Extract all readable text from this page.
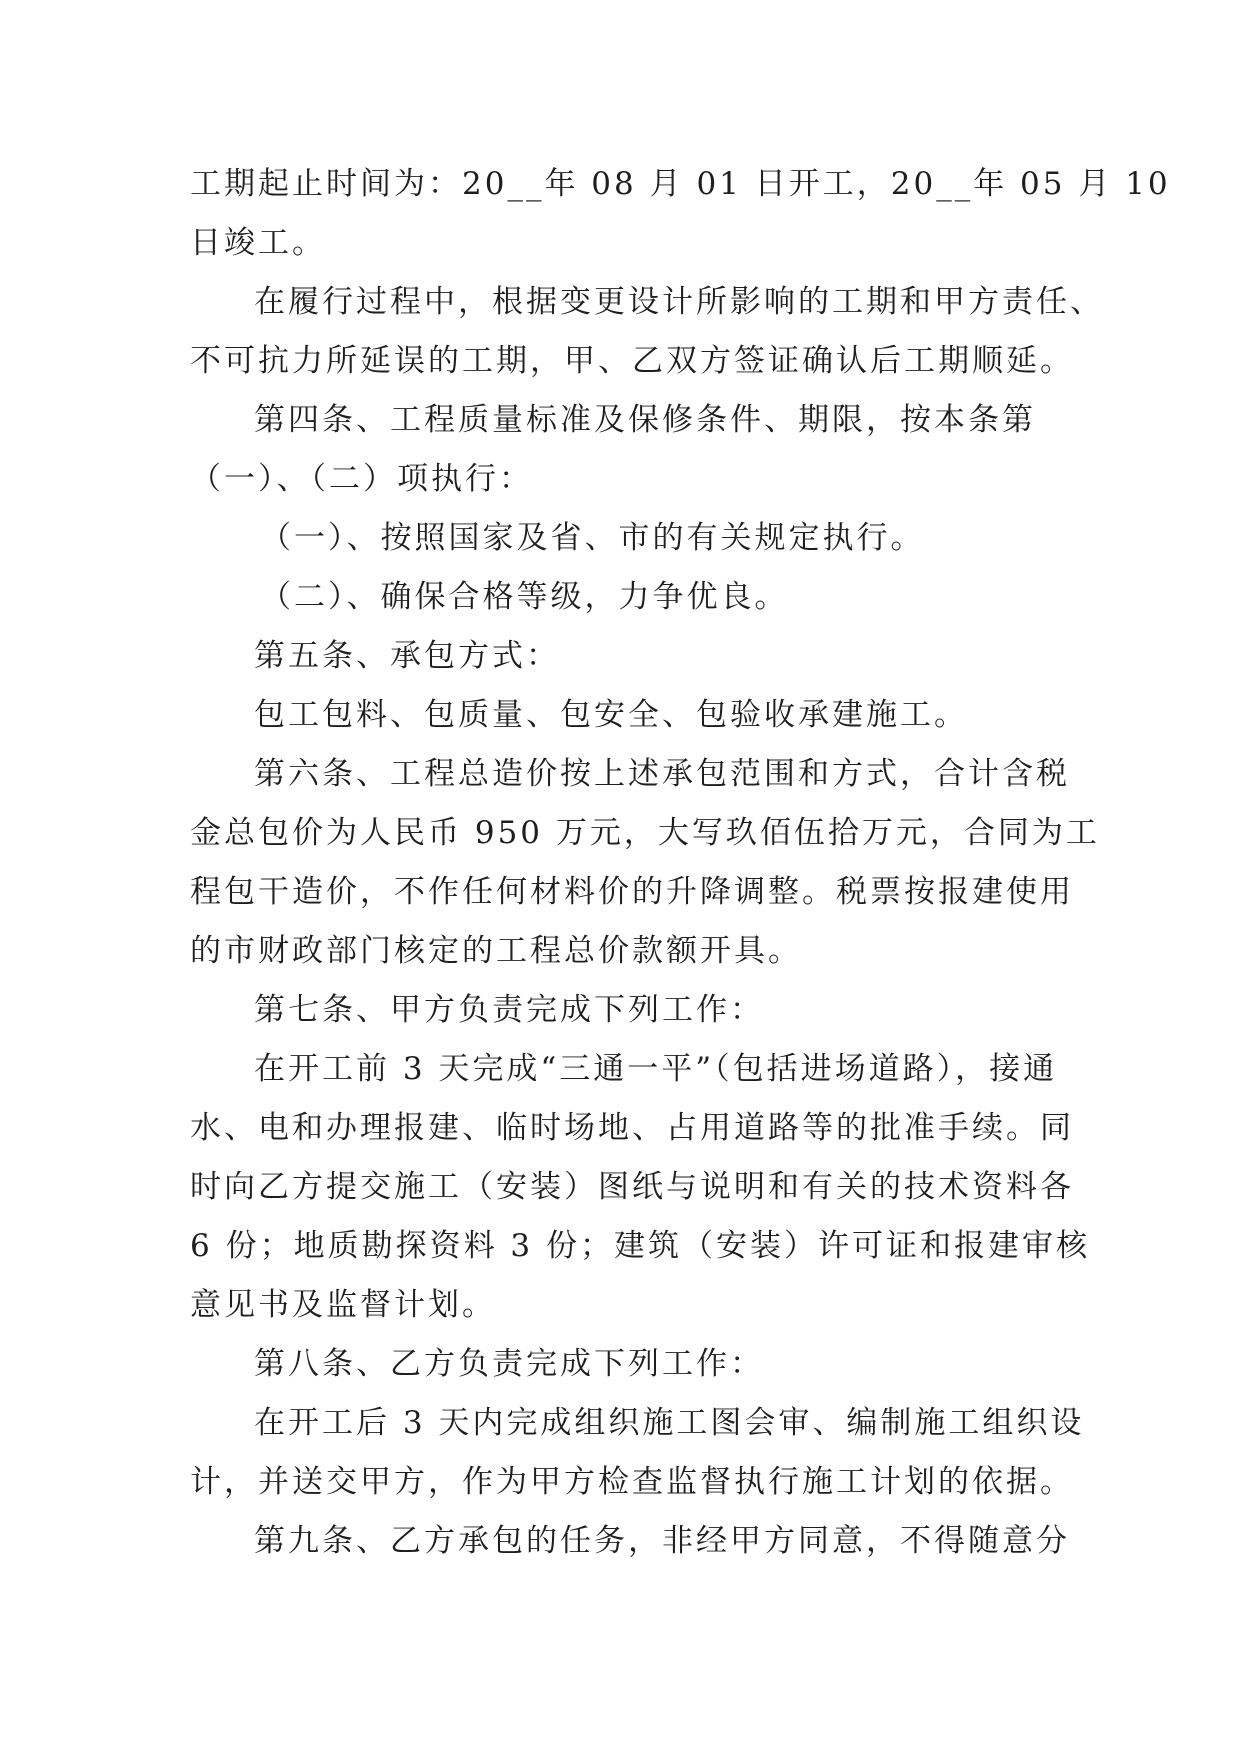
工期起止时间为：20__年 08 月 01 日开工，20__年 05 月 10
日竣工。
在履行过程中，根据变更设计所影响的工期和甲方责任、
不可抗力所延误的工期，甲、乙双方签证确认后工期顺延。
第四条、工程质量标准及保修条件、期限，按本条第
（一）、（二）项执行：
（一）、按照国家及省、市的有关规定执行。
（二）、确保合格等级，力争优良。
第五条、承包方式：
包工包料、包质量、包安全、包验收承建施工。
第六条、工程总造价按上述承包范围和方式，合计含税
金总包价为人民币 950 万元，大写玖佰伍拾万元，合同为工
程包干造价，不作任何材料价的升降调整。税票按报建使用
的市财政部门核定的工程总价款额开具。
第七条、甲方负责完成下列工作：
在开工前 3 天完成“三通一平”（包括进场道路），接通
水、电和办理报建、临时场地、占用道路等的批准手续。同
时向乙方提交施工（安装）图纸与说明和有关的技术资料各
6 份；地质勘探资料 3 份；建筑（安装）许可证和报建审核
意见书及监督计划。
第八条、乙方负责完成下列工作：
在开工后 3 天内完成组织施工图会审、编制施工组织设
计，并送交甲方，作为甲方检查监督执行施工计划的依据。
第九条、乙方承包的任务，非经甲方同意，不得随意分
